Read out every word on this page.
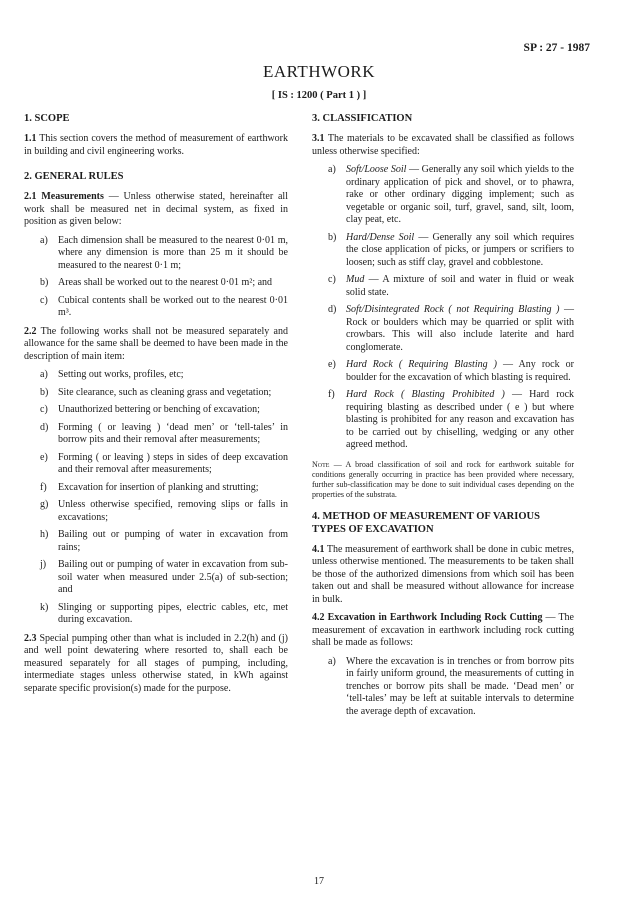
SP : 27 - 1987
EARTHWORK
[ IS : 1200 ( Part 1 ) ]
1. SCOPE

1.1 This section covers the method of measurement of earthwork in building and civil engineering works.

2. GENERAL RULES

2.1 Measurements — Unless otherwise stated, hereinafter all work shall be measured net in decimal system, as fixed in position as given below:

a)	Each dimension shall be measured to the nearest 0·01 m, where any dimension is more than 25 m it should be measured to the nearest 0·1 m;
b) Areas shall be worked out to the nearest 0·01 m²; and
c)	Cubical contents shall be worked out to the nearest 0·01 m³.

2.2 The following works shall not be measured separately and allowance for the same shall be deemed to have been made in the description of main item:

a)	Setting out works, profiles, etc;
b) Site clearance, such as cleaning grass and vegetation;
c)	Unauthorized bettering or benching of excavation;
d) Forming ( or leaving ) ‘dead men’ or ‘tell-tales’ in borrow pits and their removal after measurements;
e)	Forming ( or leaving ) steps in sides of deep excavation and their removal after measurements;
f)	Excavation for insertion of planking and strutting;
g) Unless otherwise specified, removing slips or falls in excavations;
h) Bailing out or pumping of water in excavation from rains;
j)	Bailing out or pumping of water in excavation from sub-soil water when measured under 2.5(a) of sub-section; and
k) Slinging or supporting pipes, electric cables, etc, met during excavation.

2.3 Special pumping other than what is included in 2.2(h) and (j) and well point dewatering where resorted to, shall each be measured separately for all stages of pumping, including, intermediate stages unless otherwise stated, in kWh against separate specific provision(s) made for the purpose.

3. CLASSIFICATION

3.1 The materials to be excavated shall be classified as follows unless otherwise specified:

a)	Soft/Loose Soil — Generally any soil which yields to the ordinary application of pick and shovel, or to phawra, rake or other ordinary digging implement; such as vegetable or organic soil, turf, gravel, sand, silt, loom, clay peat, etc.
b) Hard/Dense Soil — Generally any soil which requires the close application of picks, or jumpers or scrifiers to loosen; such as stiff clay, gravel and cobblestone.
c)	Mud — A mixture of soil and water in fluid or weak solid state.
d) Soft/Disintegrated Rock ( not Requiring Blasting ) — Rock or boulders which may be quarried or split with crowbars. This will also include laterite and hard conglomerate.
e)	Hard Rock ( Requiring Blasting ) — Any rock or boulder for the excavation of which blasting is required.
f)	Hard Rock ( Blasting Prohibited ) — Hard rock requiring blasting as described under ( e ) but where blasting is prohibited for any reason and excavation has to be carried out by chiselling, wedging or any other agreed method.

Note — A broad classification of soil and rock for earthwork suitable for conditions generally occurring in practice has been provided where necessary, further sub-classification may be done to suit individual cases depending on the properties of the substrata.

4. METHOD OF MEASUREMENT OF VARIOUS TYPES OF EXCAVATION

4.1 The measurement of earthwork shall be done in cubic metres, unless otherwise mentioned. The measurements to be taken shall be those of the authorized dimensions from which soil has been taken out and shall be measured without allowance for increase in bulk.

4.2 Excavation in Earthwork Including Rock Cutting — The measurement of excavation in earthwork including rock cutting shall be made as follows:

a)	Where the excavation is in trenches or from borrow pits in fairly uniform ground, the measurements of cutting in trenches or borrow pits shall be made. ‘Dead men’ or ‘tell-tales’ may be left at suitable intervals to determine the average depth of excavation.
17
